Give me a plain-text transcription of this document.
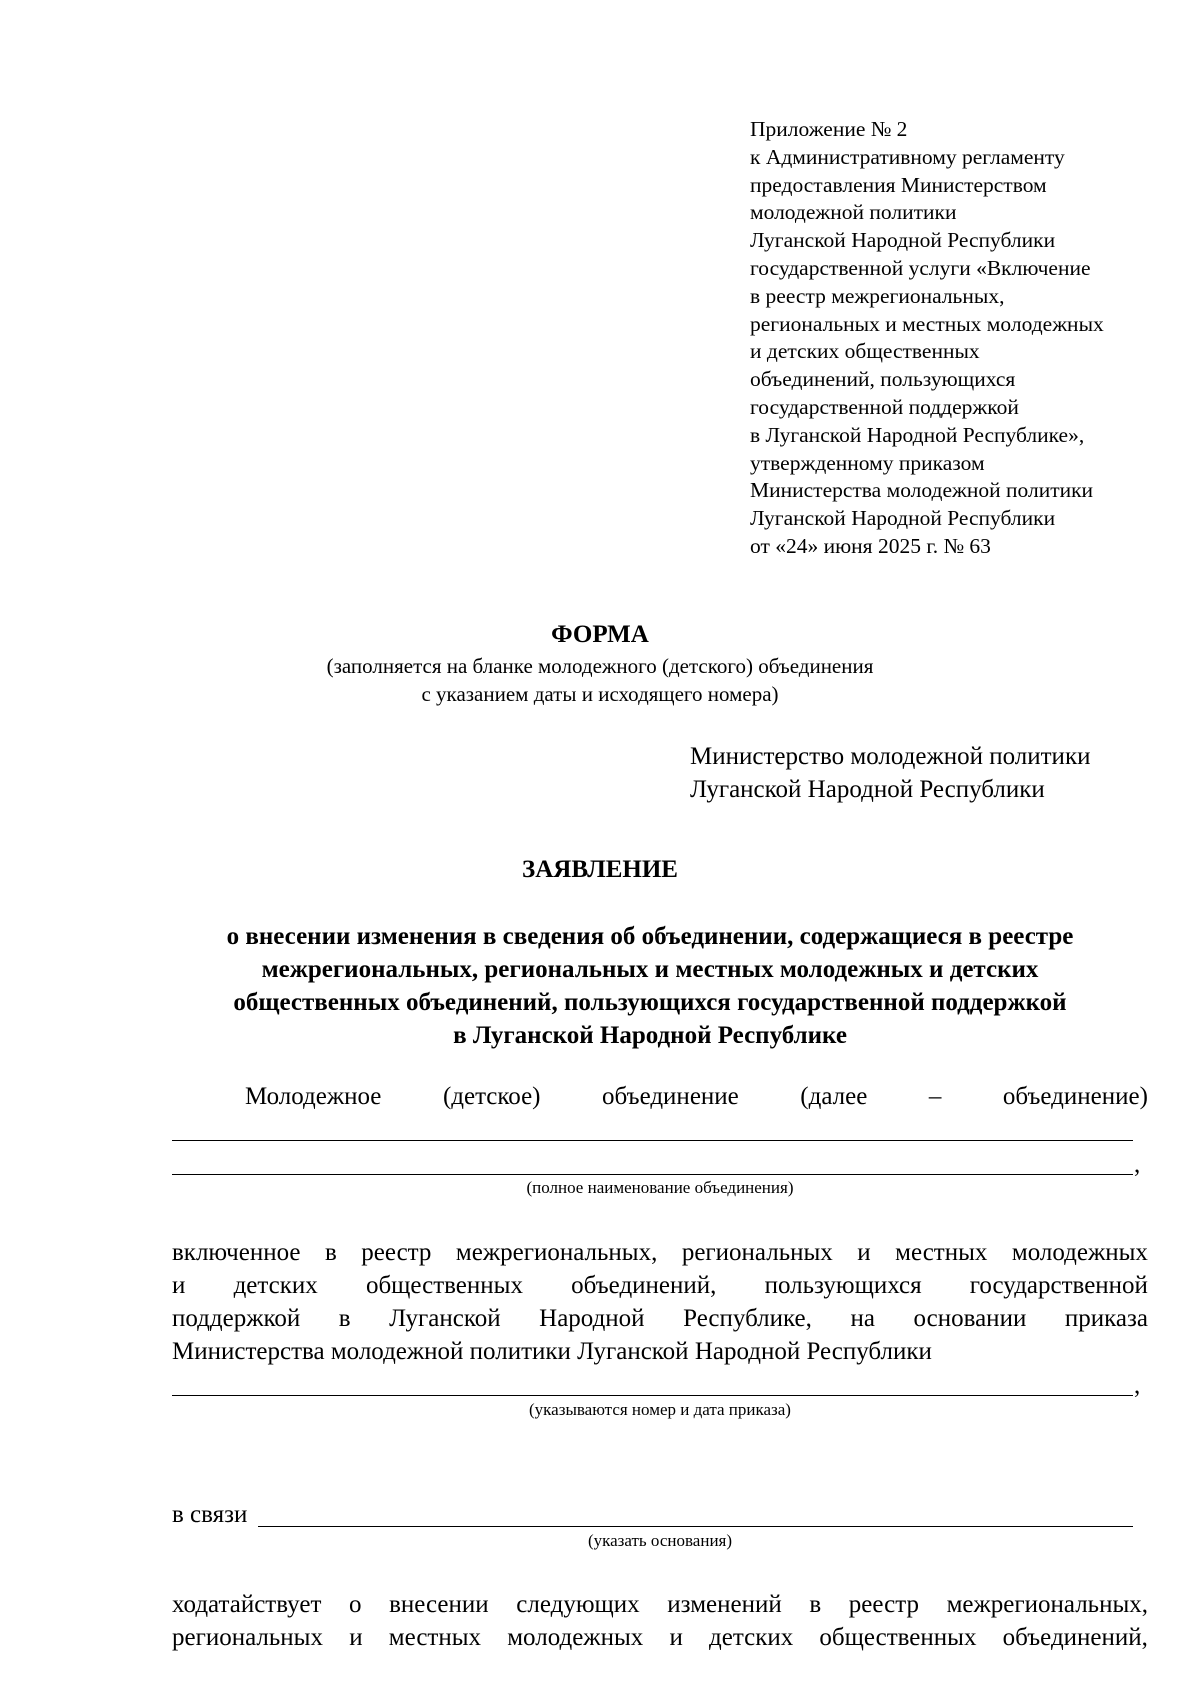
Приложение № 2
к Административному регламенту
предоставления Министерством
молодежной политики
Луганской Народной Республики
государственной услуги «Включение
в реестр межрегиональных,
региональных и местных молодежных
и детских общественных
объединений, пользующихся
государственной поддержкой
в Луганской Народной Республике»,
утвержденному приказом
Министерства молодежной политики
Луганской Народной Республики
от «24» июня 2025 г. № 63
ФОРМА
(заполняется на бланке молодежного (детского) объединения
с указанием даты и исходящего номера)
Министерство молодежной политики
Луганской Народной Республики
ЗАЯВЛЕНИЕ
о внесении изменения в сведения об объединении, содержащиеся в реестре
межрегиональных, региональных и местных молодежных и детских
общественных объединений, пользующихся государственной поддержкой
в Луганской Народной Республике
Молодежное (детское) объединение (далее – объединение)
,
(полное наименование объединения)
включенное в реестр межрегиональных, региональных и местных молодежных
и детских общественных объединений, пользующихся государственной
поддержкой в Луганской Народной Республике, на основании приказа
Министерства молодежной политики Луганской Народной Республики
,
(указываются номер и дата приказа)
в связи
(указать основания)
ходатайствует о внесении следующих изменений в реестр межрегиональных,
региональных и местных молодежных и детских общественных объединений,
